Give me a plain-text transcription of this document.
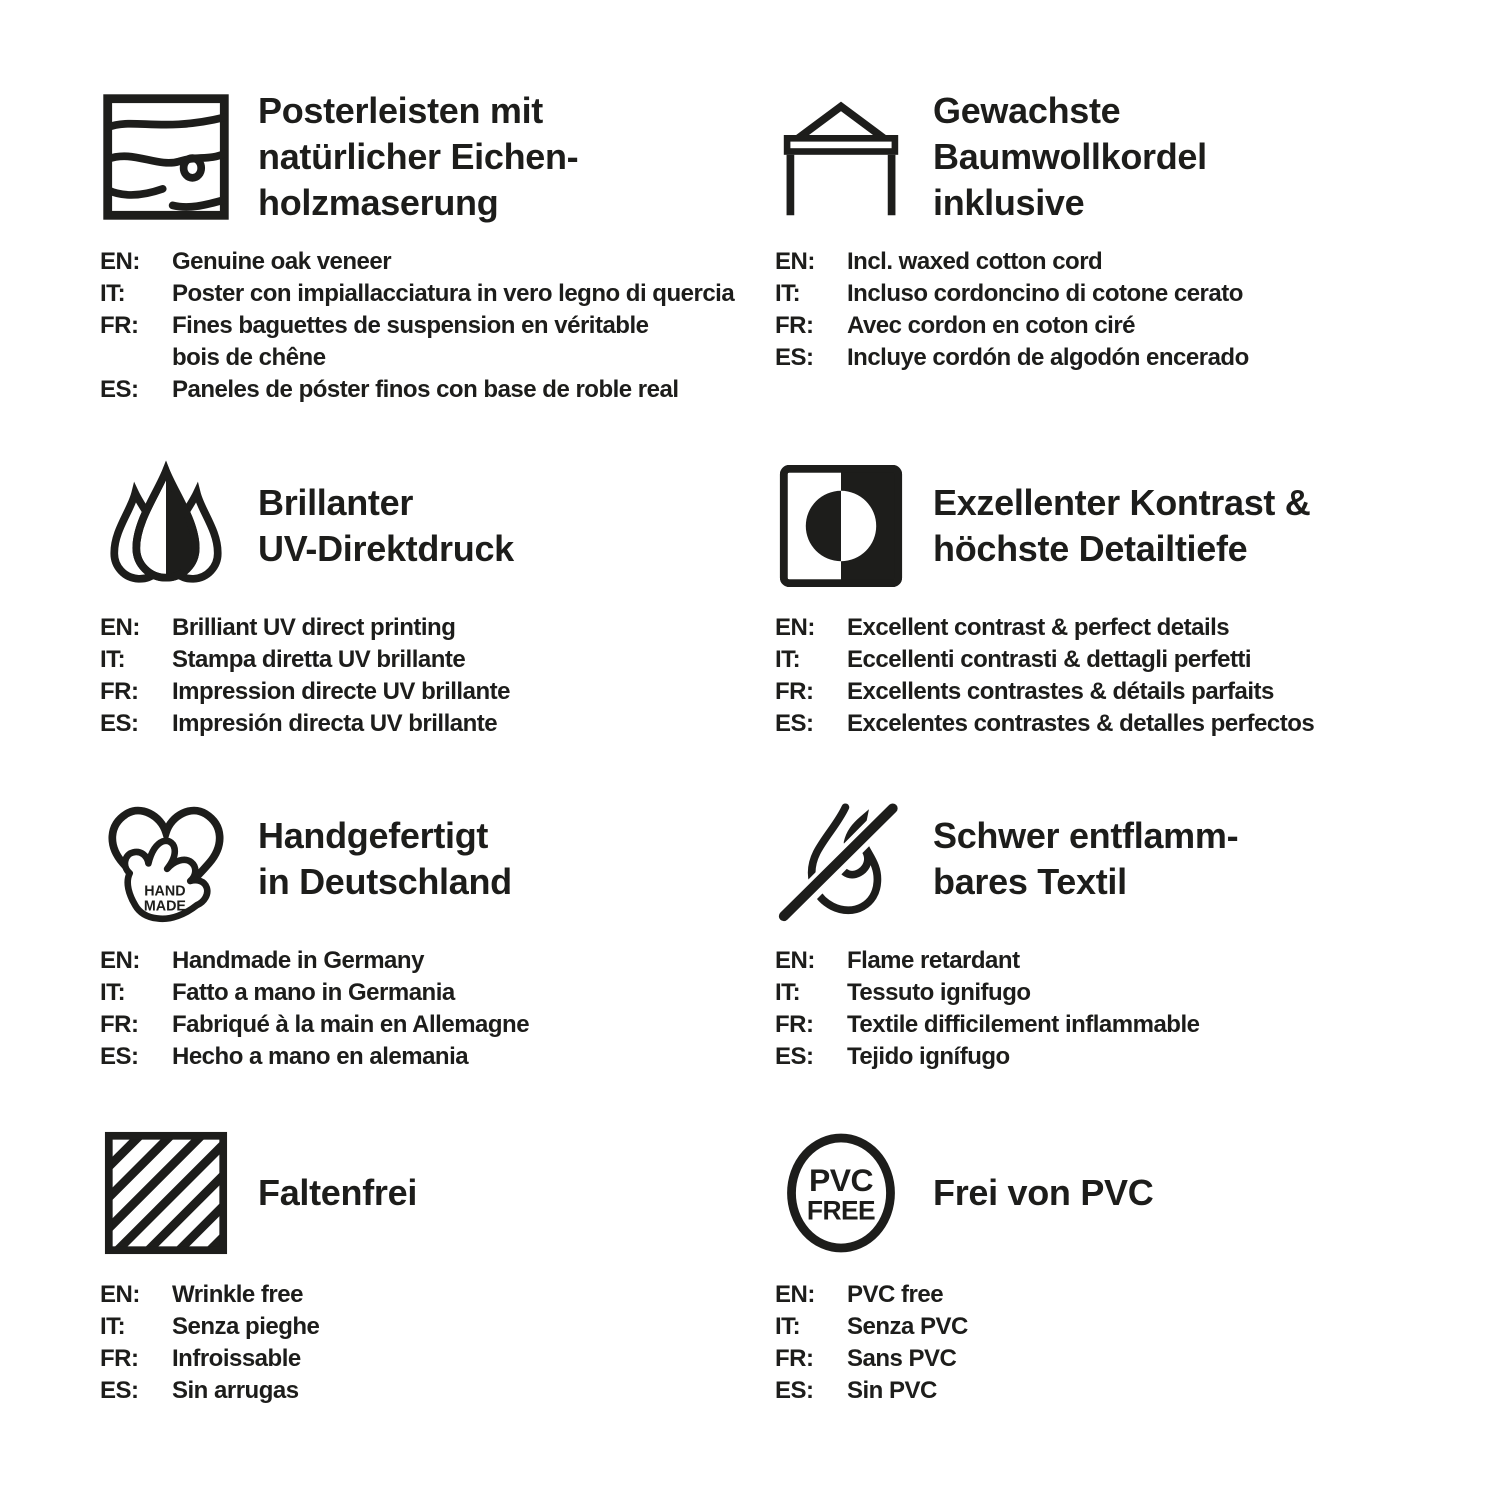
Posterleisten mit
natürlicher Eichen-
holzmaserung
EN:	Genuine oak veneer
IT:	Poster con impiallacciatura in vero legno di quercia
FR:	Fines baguettes de suspension en véritable
bois de chêne
ES:	Paneles de póster finos con base de roble real
Gewachste
Baumwollkordel
inklusive
EN:	Incl. waxed cotton cord
IT:	Incluso cordoncino di cotone cerato
FR:	Avec cordon en coton ciré
ES:	Incluye cordón de algodón encerado
Brillanter
UV-Direktdruck
EN:	Brilliant UV direct printing
IT:	Stampa diretta UV brillante
FR:	Impression directe UV brillante
ES:	Impresión directa UV brillante
Exzellenter Kontrast &
höchste Detailtiefe
EN:	Excellent contrast & perfect details
IT:	Eccellenti contrasti & dettagli perfetti
FR:	Excellents contrastes & détails parfaits
ES:	Excelentes contrastes & detalles perfectos
HAND
MADE
Handgefertigt
in Deutschland
EN:	Handmade in Germany
IT:	Fatto a mano in Germania
FR:	Fabriqué à la main en Allemagne
ES:	Hecho a mano en alemania
Schwer entflamm-
bares Textil
EN:	Flame retardant
IT:	Tessuto ignifugo
FR:	Textile difficilement inflammable
ES:	Tejido ignífugo
Faltenfrei
EN:	Wrinkle free
IT:	Senza pieghe
FR:	Infroissable
ES:	Sin arrugas
PVC
FREE Frei von PVC
EN:	PVC free
IT:	Senza PVC
FR:	Sans PVC
ES:	Sin PVC
